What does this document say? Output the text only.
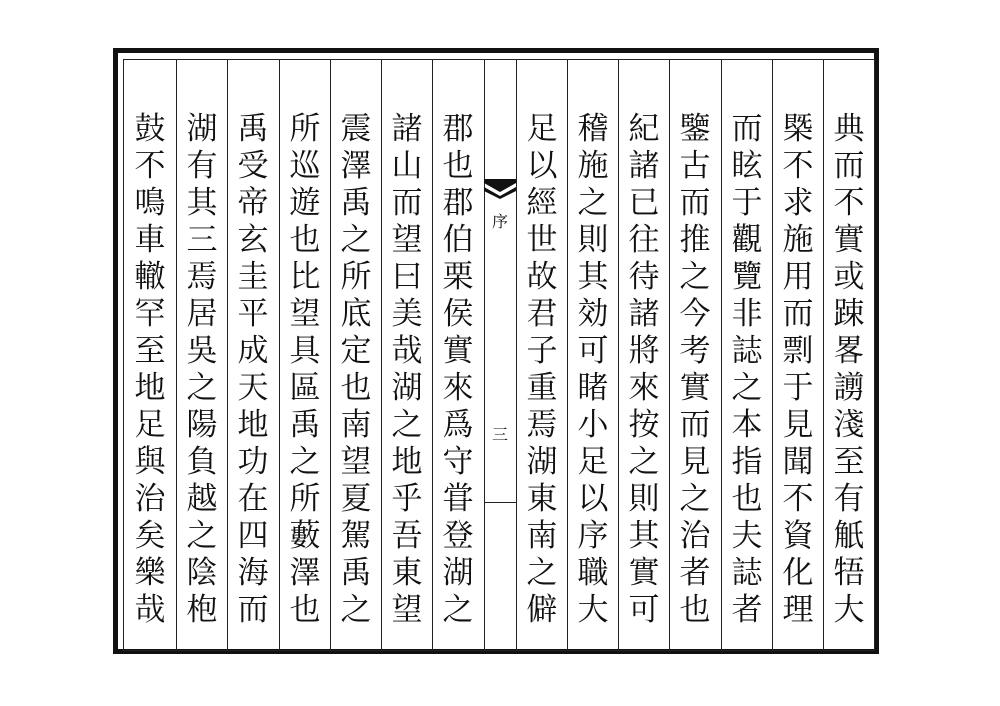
典
而
不
實
或
踈
畧
謭
淺
至
有
觗
牾
大
槩
不
求
施
用
而
剽
于
見
聞
不
資
化
理
而
眩
于
觀
覽
非
誌
之
本
指
也
夫
誌
者
鑒
古
而
推
之
今
考
實
而
見
之
治
者
也
紀
諸
已
往
待
諸
將
來
按
之
則
其
實
可
稽
施
之
則
其
効
可
睹
小
足
以
序
職
大
足
以
經
世
故
君
子
重
焉
湖
東
南
之
僻
郡
也
郡
伯
栗
侯
實
來
爲
守
甞
登
湖
之
諸
山
而
望
曰
美
哉
湖
之
地
乎
吾
東
望
震
澤
禹
之
所
底
定
也
南
望
夏
駕
禹
之
所
巡
遊
也
比
望
具
區
禹
之
所
藪
澤
也
禹
受
帝
玄
圭
平
成
天
地
功
在
四
海
而
湖
有
其
三
焉
居
吳
之
陽
負
越
之
陰
枹
鼓
不
鳴
車
轍
罕
至
地
足
與
治
矣
樂
哉
序
三
